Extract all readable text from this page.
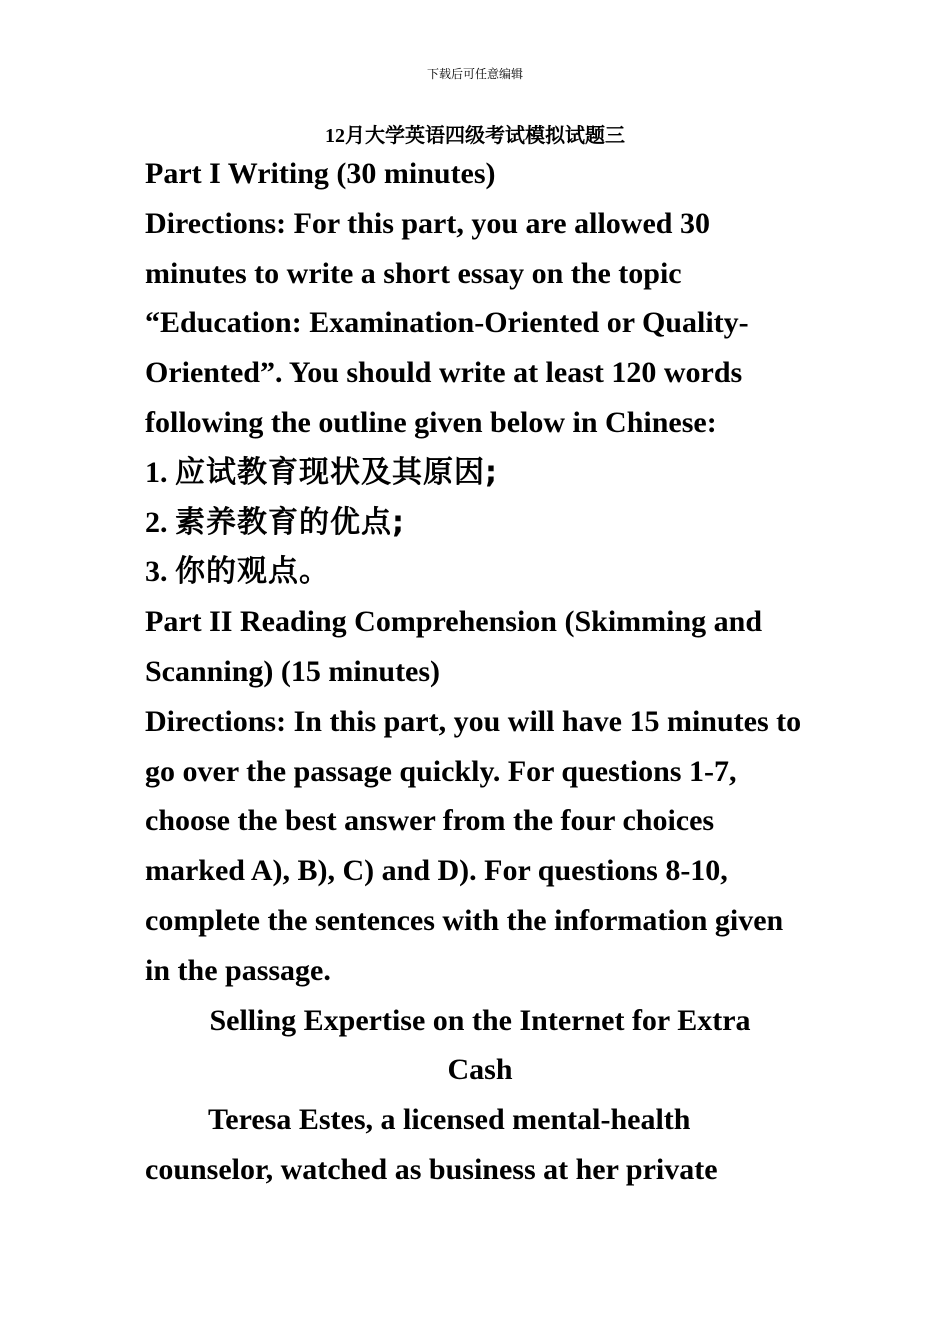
下载后可任意编辑
12月大学英语四级考试模拟试题三

Part I Writing (30 minutes)

Directions: For this part, you are allowed 30 minutes to write a short essay on the topic “Education: Examination-Oriented or Quality-Oriented”. You should write at least 120 words following the outline given below in Chinese:

1. 应试教育现状及其原因;

2. 素养教育的优点;

3. 你的观点。

Part II Reading Comprehension (Skimming and Scanning) (15 minutes)

Directions: In this part, you will have 15 minutes to go over the passage quickly. For questions 1-7, choose the best answer from the four choices marked A), B), C) and D). For questions 8-10, complete the sentences with the information given in the passage.

Selling Expertise on the Internet for Extra

Cash

Teresa Estes, a licensed mental-health counselor, watched as business at her private
